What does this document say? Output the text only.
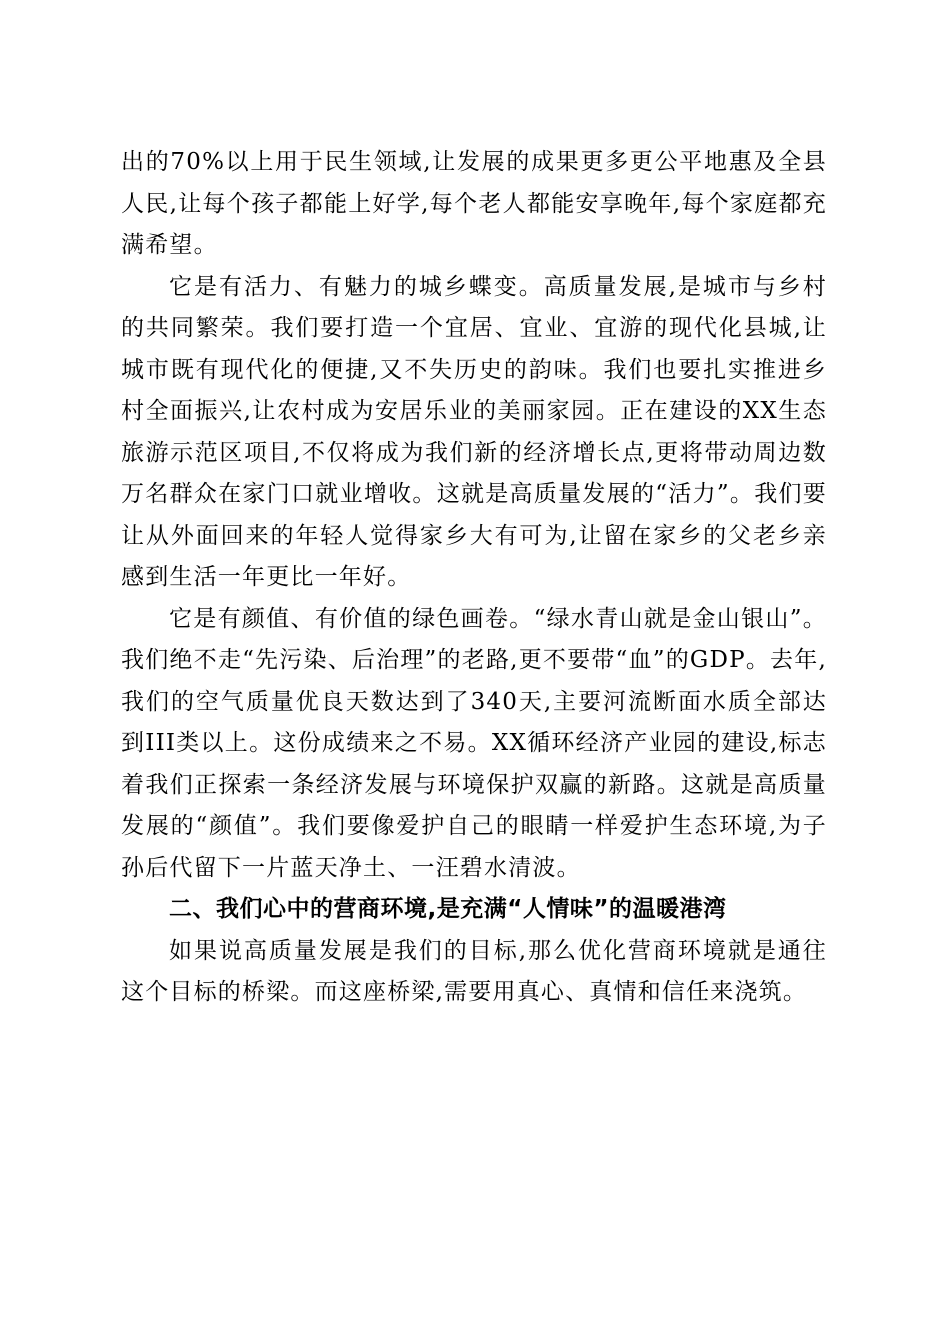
出的70%以上用于民生领域,让发展的成果更多更公平地惠及全县人民,让每个孩子都能上好学,每个老人都能安享晚年,每个家庭都充满希望。

它是有活力、有魅力的城乡蝶变。高质量发展,是城市与乡村的共同繁荣。我们要打造一个宜居、宜业、宜游的现代化县城,让城市既有现代化的便捷,又不失历史的韵味。我们也要扎实推进乡村全面振兴,让农村成为安居乐业的美丽家园。正在建设的XX生态旅游示范区项目,不仅将成为我们新的经济增长点,更将带动周边数万名群众在家门口就业增收。这就是高质量发展的“活力”。我们要让从外面回来的年轻人觉得家乡大有可为,让留在家乡的父老乡亲感到生活一年更比一年好。

它是有颜值、有价值的绿色画卷。“绿水青山就是金山银山”。我们绝不走“先污染、后治理”的老路,更不要带“血”的GDP。去年,我们的空气质量优良天数达到了340天,主要河流断面水质全部达到III类以上。这份成绩来之不易。XX循环经济产业园的建设,标志着我们正探索一条经济发展与环境保护双赢的新路。这就是高质量发展的“颜值”。我们要像爱护自己的眼睛一样爱护生态环境,为子孙后代留下一片蓝天净土、一汪碧水清波。

二、我们心中的营商环境,是充满“人情味”的温暖港湾

如果说高质量发展是我们的目标,那么优化营商环境就是通往这个目标的桥梁。而这座桥梁,需要用真心、真情和信任来浇筑。
